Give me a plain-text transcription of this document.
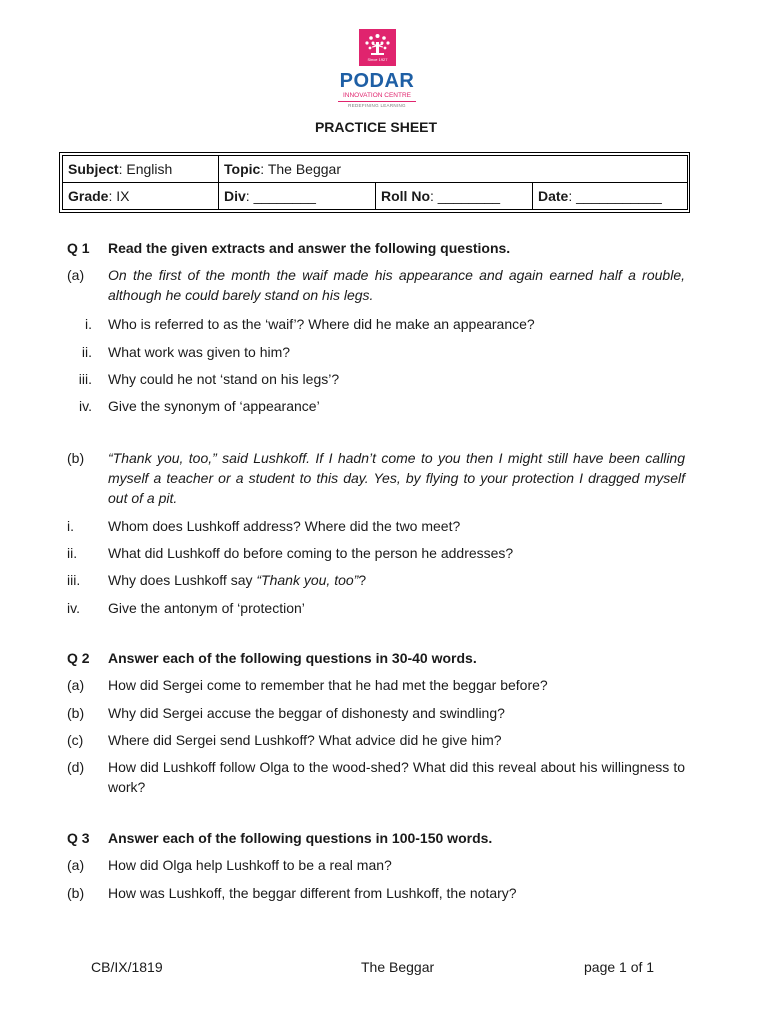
Since 1927
PODAR
INNOVATION CENTRE
REDEFINING LEARNING
PRACTICE SHEET
Subject: English	Topic: The Beggar		
Grade: IX	Div: ________	Roll No: ________	Date: ___________
Q 1 Read the given extracts and answer the following questions.
(a) On the first of the month the waif made his appearance and again earned half a rouble, although he could barely stand on his legs.
i. Who is referred to as the ‘waif’? Where did he make an appearance?
ii. What work was given to him?
iii. Why could he not ‘stand on his legs’?
iv. Give the synonym of ‘appearance’
(b) “Thank you, too,” said Lushkoff. If I hadn’t come to you then I might still have been calling myself a teacher or a student to this day. Yes, by flying to your protection I dragged myself out of a pit.
i. Whom does Lushkoff address? Where did the two meet?
ii. What did Lushkoff do before coming to the person he addresses?
iii. Why does Lushkoff say “Thank you, too”?
iv. Give the antonym of ‘protection’
Q 2 Answer each of the following questions in 30-40 words.
(a) How did Sergei come to remember that he had met the beggar before?
(b) Why did Sergei accuse the beggar of dishonesty and swindling?
(c) Where did Sergei send Lushkoff? What advice did he give him?
(d) How did Lushkoff follow Olga to the wood-shed? What did this reveal about his willingness to work?
Q 3 Answer each of the following questions in 100-150 words.
(a) How did Olga help Lushkoff to be a real man?
(b) How was Lushkoff, the beggar different from Lushkoff, the notary?
CB/IX/1819	The Beggar	page 1 of 1
